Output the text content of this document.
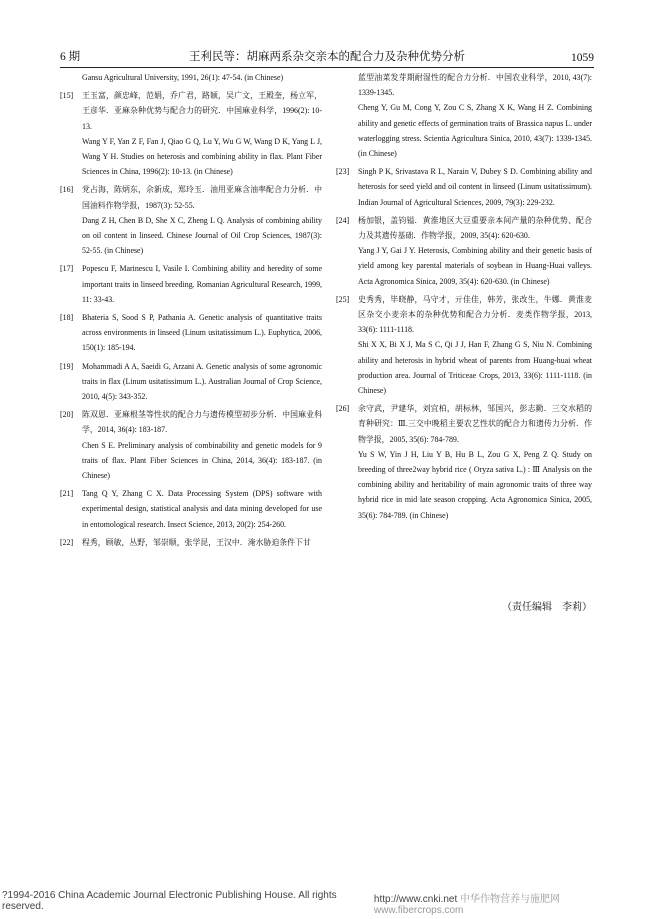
6 期	王利民等：胡麻两系杂交亲本的配合力及杂种优势分析	1059

Gansu Agricultural University, 1991, 26(1): 47-54. (in Chinese)

[15]	王玉富，颜忠峰，范娟，乔广君，路颖，吴广文，王殿奎，杨立军，王彦华．亚麻杂种优势与配合力的研究．中国麻业科学，1996(2): 10-13.

Wang Y F, Yan Z F, Fan J, Qiao G Q, Lu Y, Wu G W, Wang D K, Yang L J, Wang Y H. Studies on heterosis and combining ability in flax. Plant Fiber Sciences in China, 1996(2): 10-13. (in Chinese)

[16]	党占海，陈炳东，佘新成，郑玲玉．油用亚麻含油率配合力分析．中国油料作物学报，1987(3): 52-55.

Dang Z H, Chen B D, She X C, Zheng L Q. Analysis of combining ability on oil content in linseed. Chinese Journal of Oil Crop Sciences, 1987(3): 52-55. (in Chinese)

[17]	Popescu F, Marinescu I, Vasile I. Combining ability and heredity of some important traits in linseed breeding. Romanian Agricultural Research, 1999, 11: 33-43.

[18]	Bhateria S, Sood S P, Pathania A. Genetic analysis of quantitative traits across environments in linseed (Linum usitatissimum L.). Euphytica, 2006, 150(1): 185-194.

[19]	Mohammadi A A, Saeidi G, Arzani A. Genetic analysis of some agronomic traits in flax (Linum usitatissimum L.). Australian Journal of Crop Science, 2010, 4(5): 343-352.

[20]	陈双恩．亚麻根茎等性状的配合力与遗传模型初步分析．中国麻业科学，2014, 36(4): 183-187.

Chen S E. Preliminary analysis of combinability and genetic models for 9 traits of flax. Plant Fiber Sciences in China, 2014, 36(4): 183-187. (in Chinese)

[21]	Tang Q Y, Zhang C X. Data Processing System (DPS) software with experimental design, statistical analysis and data mining developed for use in entomological research. Insect Science, 2013, 20(2): 254-260.

[22]	程秀，顾敏，丛野，邹崇顺，张学昆，王汉中．淹水胁迫条件下甘

蓝型油菜发芽期耐湿性的配合力分析．中国农业科学，2010, 43(7): 1339-1345.

Cheng Y, Gu M, Cong Y, Zou C S, Zhang X K, Wang H Z. Combining ability and genetic effects of germination traits of Brassica napus L. under waterlogging stress. Scientia Agricultura Sinica, 2010, 43(7): 1339-1345. (in Chinese)

[23]	Singh P K, Srivastava R L, Narain V, Dubey S D. Combining ability and heterosis for seed yield and oil content in linseed (Linum usitatissimum). Indian Journal of Agricultural Sciences, 2009, 79(3): 229-232.

[24]	杨加银，盖钧镒．黄淮地区大豆重要亲本间产量的杂种优势、配合力及其遗传基础．作物学报，2009, 35(4): 620-630.

Yang J Y, Gai J Y. Heterosis, Combining ability and their genetic basis of yield among key parental materials of soybean in Huang-Huai valleys. Acta Agronomica Sinica, 2009, 35(4): 620-630. (in Chinese)

[25]	史秀秀，毕晓静，马守才，亓佳佳，韩芳，张改生，牛娜．黄淮麦区杂交小麦亲本的杂种优势和配合力分析．麦类作物学报，2013, 33(6): 1111-1118.

Shi X X, Bi X J, Ma S C, Qi J J, Han F, Zhang G S, Niu N. Combining ability and heterosis in hybrid wheat of parents from Huang-huai wheat production area. Journal of Triticeae Crops, 2013, 33(6): 1111-1118. (in Chinese)

[26]	余守武，尹建华，刘宜柏，胡标林，邹国兴，彭志勤．三交水稻的育种研究：Ⅲ.三交中晚稻主要农艺性状的配合力和遗传力分析．作物学报，2005, 35(6): 784-789.

Yu S W, Yin J H, Liu Y B, Hu B L, Zou G X, Peng Z Q. Study on breeding of three2way hybrid rice ( Oryza sativa L.) : Ⅲ Analysis on the combining ability and heritability of main agronomic traits of three way hybrid rice in mid late season cropping. Acta Agronomica Sinica, 2005, 35(6): 784-789. (in Chinese)

（责任编辑　李莉）
?1994-2016 China Academic Journal Electronic Publishing House. All rights reserved.
http://www.cnki.net 中华作物营养与施肥网 www.fibercrops.com
